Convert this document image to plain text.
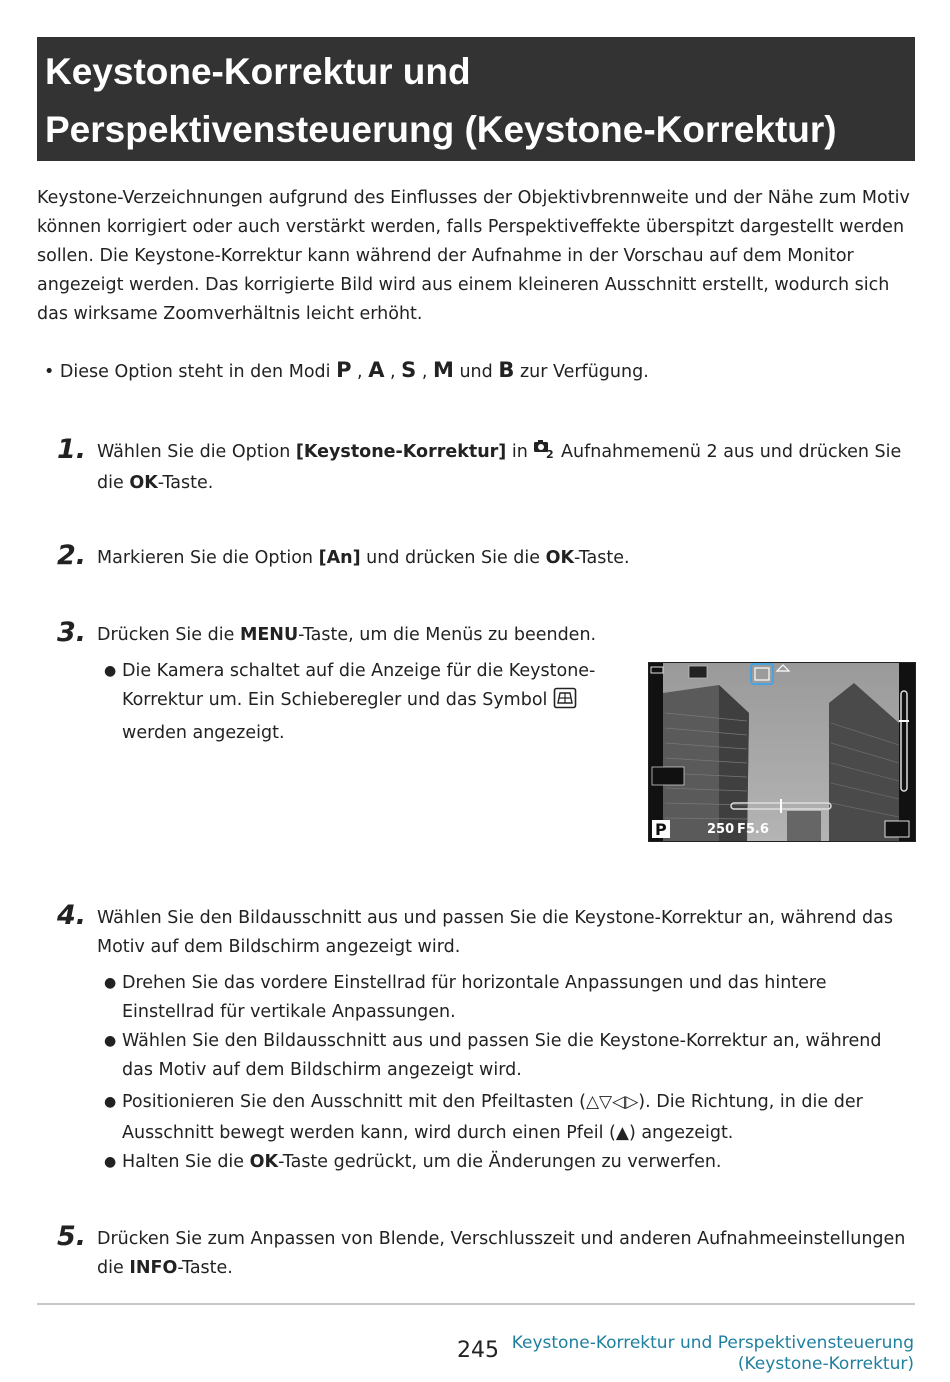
Keystone-Korrektur und
Perspektivensteuerung (Keystone-Korrektur)
Keystone-Verzeichnungen aufgrund des Einflusses der Objektivbrennweite und der Nähe zum Motiv können korrigiert oder auch verstärkt werden, falls Perspektiveffekte überspitzt dargestellt werden sollen. Die Keystone-Korrektur kann während der Aufnahme in der Vorschau auf dem Monitor angezeigt werden. Das korrigierte Bild wird aus einem kleineren Ausschnitt erstellt, wodurch sich das wirksame Zoomverhältnis leicht erhöht.
• Diese Option steht in den Modi P , A , S , M und B zur Verfügung.
1. Wählen Sie die Option [Keystone-Korrektur] in 2 Aufnahmemenü 2 aus und drücken Sie die OK-Taste.
2. Markieren Sie die Option [An] und drücken Sie die OK-Taste.
3. Drücken Sie die MENU-Taste, um die Menüs zu beenden.
● Die Kamera schaltet auf die Anzeige für die Keystone-Korrektur um. Ein Schieberegler und das Symbol  werden angezeigt.
P	250 F5.6
4. Wählen Sie den Bildausschnitt aus und passen Sie die Keystone-Korrektur an, während das Motiv auf dem Bildschirm angezeigt wird.
● Drehen Sie das vordere Einstellrad für horizontale Anpassungen und das hintere Einstellrad für vertikale Anpassungen.
● Wählen Sie den Bildausschnitt aus und passen Sie die Keystone-Korrektur an, während das Motiv auf dem Bildschirm angezeigt wird.
● Positionieren Sie den Ausschnitt mit den Pfeiltasten (△▽◁▷). Die Richtung, in die der Ausschnitt bewegt werden kann, wird durch einen Pfeil (▲) angezeigt.
● Halten Sie die OK-Taste gedrückt, um die Änderungen zu verwerfen.
5. Drücken Sie zum Anpassen von Blende, Verschlusszeit und anderen Aufnahmeeinstellungen die INFO-Taste.
245 Keystone-Korrektur und Perspektivensteuerung
(Keystone-Korrektur)
